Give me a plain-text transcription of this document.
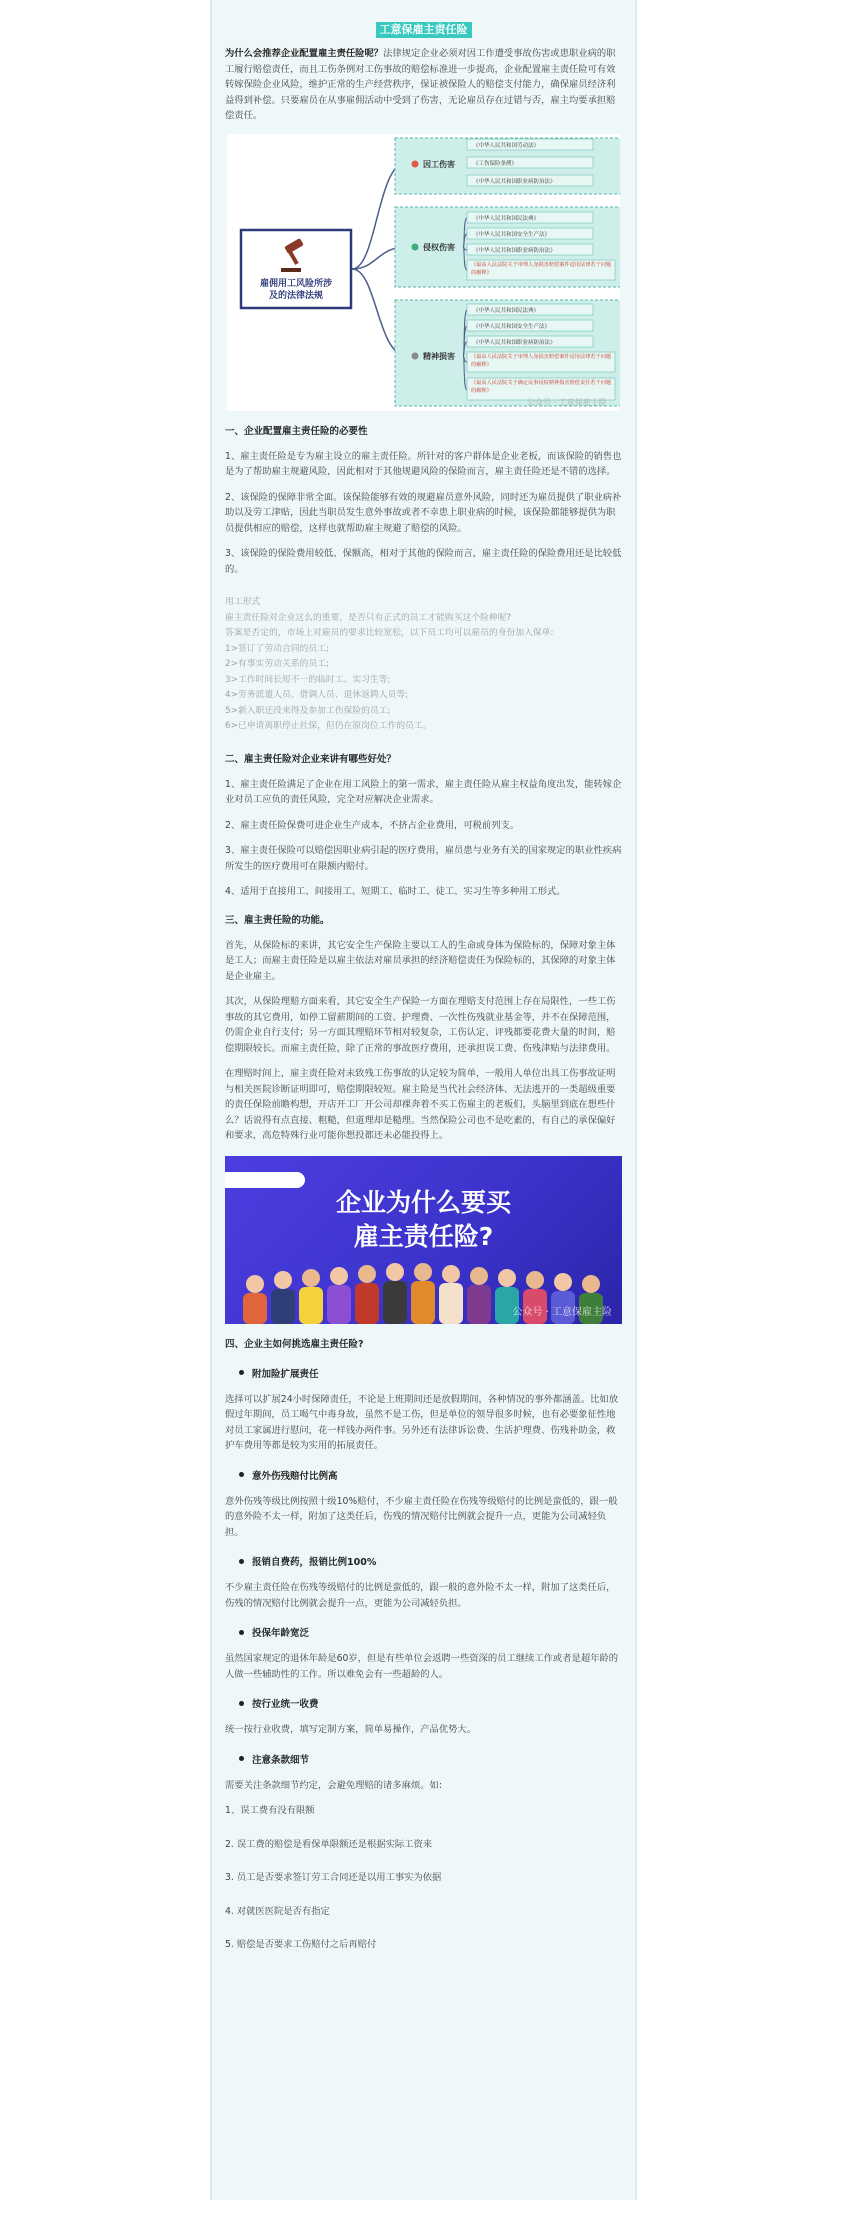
工意保雇主责任险

为什么会推荐企业配置雇主责任险呢？法律规定企业必须对因工作遭受事故伤害或患职业病的职工履行赔偿责任，而且工伤条例对工伤事故的赔偿标准进一步提高，企业配置雇主责任险可有效转嫁保险企业风险，维护正常的生产经营秩序，保证被保险人的赔偿支付能力，确保雇员经济利益得到补偿。只要雇员在从事雇佣活动中受到了伤害，无论雇员存在过错与否，雇主均要承担赔偿责任。

雇佣用工风险所涉
及的法律法规
因工伤害
《中华人民共和国劳动法》
《工伤保险条例》
《中华人民共和国职业病防治法》
侵权伤害
《中华人民共和国民法典》
《中华人民共和国安全生产法》
《中华人民共和国职业病防治法》
《最高人民法院关于审理人身损害赔偿案件适用法律若干问题的解释》
精神损害
《中华人民共和国民法典》
《中华人民共和国安全生产法》
《中华人民共和国职业病防治法》
《最高人民法院关于审理人身损害赔偿案件适用法律若干问题的解释》
《最高人民法院关于确定民事侵权精神损害赔偿责任若干问题的解释》
公众号 · 工意保雇主险
一、企业配置雇主责任险的必要性

1、雇主责任险是专为雇主设立的雇主责任险。所针对的客户群体是企业老板，而该保险的销售也是为了帮助雇主规避风险，因此相对于其他规避风险的保险而言，雇主责任险还是不错的选择。

2、该保险的保障非常全面。该保险能够有效的规避雇员意外风险，同时还为雇员提供了职业病补助以及劳工津贴，因此当职员发生意外事故或者不幸患上职业病的时候，该保险都能够提供为职员提供相应的赔偿，这样也就帮助雇主规避了赔偿的风险。

3、该保险的保险费用较低、保额高，相对于其他的保险而言，雇主责任险的保险费用还是比较低的。

用工形式

雇主责任险对企业这么的重要，是否只有正式的员工才能购买这个险种呢?

答案是否定的，市场上对雇员的要求比较宽松，以下员工均可以雇员的身份加入保单:

1>签订了劳动合同的员工;

2>有事实劳动关系的员工;

3>工作时间长短不一的临时工、实习生等;

4>劳务派遣人员、借调人员、退休返聘人员等;

5>新入职还没来得及参加工伤保险的员工;

6>已申请离职停止社保，但仍在原岗位工作的员工。

二、雇主责任险对企业来讲有哪些好处？

1、雇主责任险满足了企业在用工风险上的第一需求，雇主责任险从雇主权益角度出发，能转嫁企业对员工应负的责任风险，完全对应解决企业需求。

2、雇主责任险保费可进企业生产成本，不挤占企业费用，可税前列支。

3、雇主责任保险可以赔偿因职业病引起的医疗费用，雇员患与业务有关的国家规定的职业性疾病所发生的医疗费用可在限额内赔付。

4、适用于直接用工、间接用工、短期工、临时工、徒工、实习生等多种用工形式。

三、雇主责任险的功能。

首先，从保险标的来讲，其它安全生产保险主要以工人的生命或身体为保险标的，保障对象主体是工人；而雇主责任险是以雇主依法对雇员承担的经济赔偿责任为保险标的，其保障的对象主体是企业雇主。

其次，从保险理赔方面来看，其它安全生产保险一方面在理赔支付范围上存在局限性，一些工伤事故的其它费用，如停工留薪期间的工资、护理费、一次性伤残就业基金等，并不在保障范围，仍需企业自行支付；另一方面其理赔环节相对较复杂，工伤认定、评残都要花费大量的时间，赔偿期限较长。而雇主责任险，除了正常的事故医疗费用，还承担误工费、伤残津贴与法律费用。

在理赔时间上，雇主责任险对未致残工伤事故的认定较为简单，一般用人单位出具工伤事故证明与相关医院诊断证明即可，赔偿期限较短。雇主险是当代社会经济体、无法逃开的一类超级重要的责任保险前瞻构想，开店开工厂开公司却裸奔着不买工伤雇主的老板们，头脑里到底在想些什么？话说得有点直接、粗糙，但道理却是糙理。当然保险公司也不是吃素的，有自己的承保偏好和要求，高危特殊行业可能你想投都还未必能投得上。

企业为什么要买
雇主责任险?
公众号 · 工意保雇主险
四、企业主如何挑选雇主责任险?
附加险扩展责任

选择可以扩展24小时保障责任，不论是上班期间还是放假期间，各种情况的事外都涵盖。比如放假过年期间，员工喝气中毒身故，虽然不是工伤，但是单位的领导很多时候，也有必要象征性地对员工家属进行慰问，花一样钱办两件事。另外还有法律诉讼费、生活护理费、伤残补助金，救护车费用等都是较为实用的拓展责任。

意外伤残赔付比例高

意外伤残等级比例按照十级10%赔付，不少雇主责任险在伤残等级赔付的比例是蛮低的，跟一般的意外险不太一样，附加了这类任后，伤残的情况赔付比例就会提升一点，更能为公司减轻负担。

报销自费药，报销比例100%

不少雇主责任险在伤残等级赔付的比例是蛮低的，跟一般的意外险不太一样，附加了这类任后，伤残的情况赔付比例就会提升一点，更能为公司减轻负担。

投保年龄宽泛

虽然国家规定的退休年龄是60岁，但是有些单位会返聘一些资深的员工继续工作或者是超年龄的人做一些辅助性的工作。所以难免会有一些超龄的人。

按行业统一收费

统一按行业收费，填写定制方案，简单易操作，产品优势大。

注意条款细节

需要关注条款细节约定，会避免理赔的诸多麻烦。如:

1、误工费有没有限额

2. 误工费的赔偿是看保单限额还是根据实际工资来

3. 员工是否要求签订劳工合同还是以用工事实为依据

4. 对就医医院是否有指定

5. 赔偿是否要求工伤赔付之后再赔付
